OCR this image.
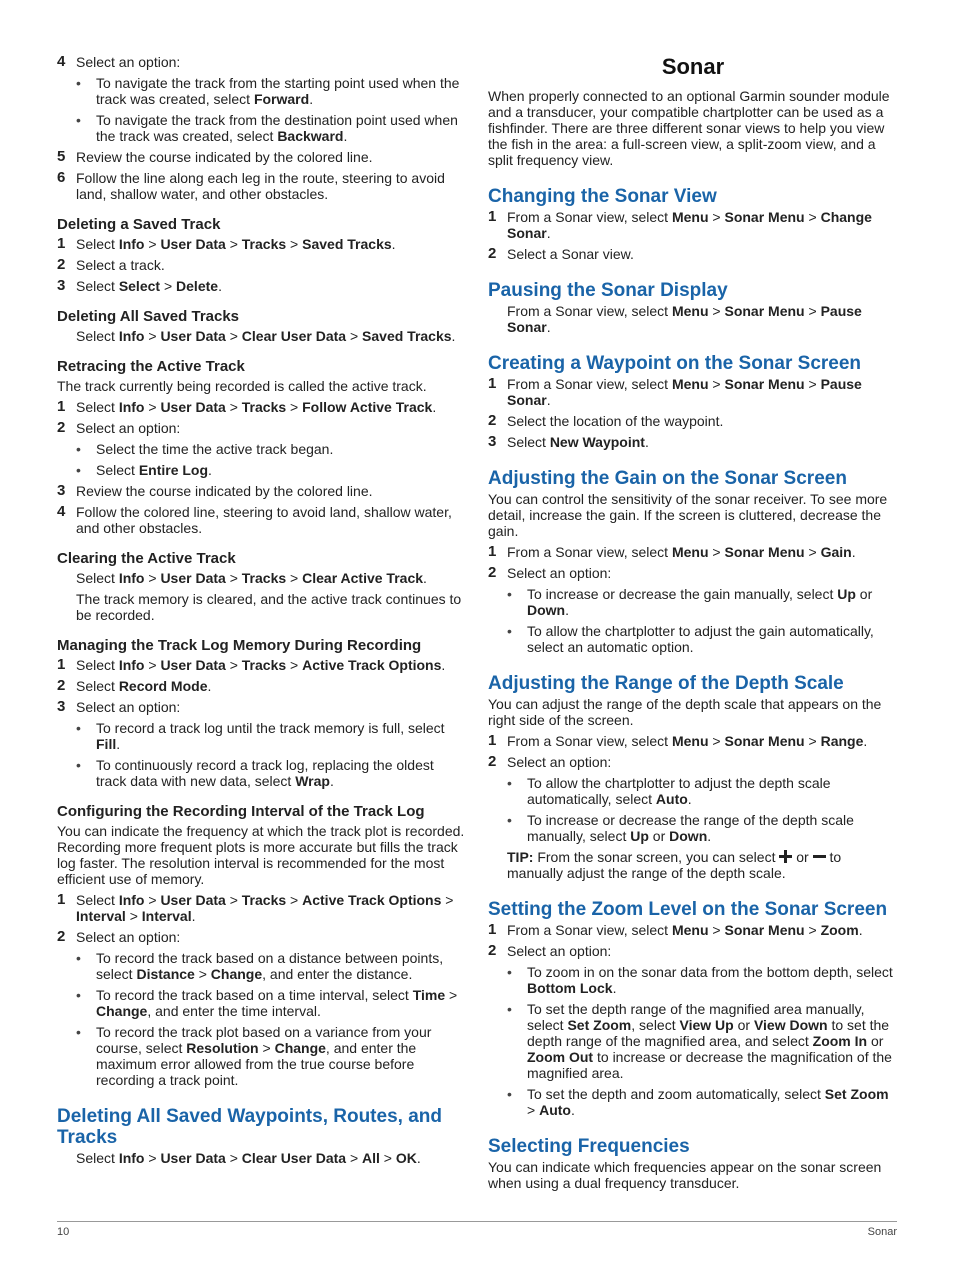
4 Select an option:
• To navigate the track from the starting point used when the track was created, select Forward.
• To navigate the track from the destination point used when the track was created, select Backward.
5 Review the course indicated by the colored line.
6 Follow the line along each leg in the route, steering to avoid land, shallow water, and other obstacles.
Deleting a Saved Track
1 Select Info > User Data > Tracks > Saved Tracks.
2 Select a track.
3 Select Select > Delete.
Deleting All Saved Tracks
Select Info > User Data > Clear User Data > Saved Tracks.
Retracing the Active Track
The track currently being recorded is called the active track.
1 Select Info > User Data > Tracks > Follow Active Track.
2 Select an option:
• Select the time the active track began.
• Select Entire Log.
3 Review the course indicated by the colored line.
4 Follow the colored line, steering to avoid land, shallow water, and other obstacles.
Clearing the Active Track
Select Info > User Data > Tracks > Clear Active Track.
The track memory is cleared, and the active track continues to be recorded.
Managing the Track Log Memory During Recording
1 Select Info > User Data > Tracks > Active Track Options.
2 Select Record Mode.
3 Select an option:
• To record a track log until the track memory is full, select Fill.
• To continuously record a track log, replacing the oldest track data with new data, select Wrap.
Configuring the Recording Interval of the Track Log
You can indicate the frequency at which the track plot is recorded. Recording more frequent plots is more accurate but fills the track log faster. The resolution interval is recommended for the most efficient use of memory.
1 Select Info > User Data > Tracks > Active Track Options > Interval > Interval.
2 Select an option:
• To record the track based on a distance between points, select Distance > Change, and enter the distance.
• To record the track based on a time interval, select Time > Change, and enter the time interval.
• To record the track plot based on a variance from your course, select Resolution > Change, and enter the maximum error allowed from the true course before recording a track point.
Deleting All Saved Waypoints, Routes, and Tracks
Select Info > User Data > Clear User Data > All > OK.
Sonar
When properly connected to an optional Garmin sounder module and a transducer, your compatible chartplotter can be used as a fishfinder. There are three different sonar views to help you view the fish in the area: a full-screen view, a split-zoom view, and a split frequency view.
Changing the Sonar View
1 From a Sonar view, select Menu > Sonar Menu > Change Sonar.
2 Select a Sonar view.
Pausing the Sonar Display
From a Sonar view, select Menu > Sonar Menu > Pause Sonar.
Creating a Waypoint on the Sonar Screen
1 From a Sonar view, select Menu > Sonar Menu > Pause Sonar.
2 Select the location of the waypoint.
3 Select New Waypoint.
Adjusting the Gain on the Sonar Screen
You can control the sensitivity of the sonar receiver. To see more detail, increase the gain. If the screen is cluttered, decrease the gain.
1 From a Sonar view, select Menu > Sonar Menu > Gain.
2 Select an option:
• To increase or decrease the gain manually, select Up or Down.
• To allow the chartplotter to adjust the gain automatically, select an automatic option.
Adjusting the Range of the Depth Scale
You can adjust the range of the depth scale that appears on the right side of the screen.
1 From a Sonar view, select Menu > Sonar Menu > Range.
2 Select an option:
• To allow the chartplotter to adjust the depth scale automatically, select Auto.
• To increase or decrease the range of the depth scale manually, select Up or Down.
TIP: From the sonar screen, you can select  or  to manually adjust the range of the depth scale.
Setting the Zoom Level on the Sonar Screen
1 From a Sonar view, select Menu > Sonar Menu > Zoom.
2 Select an option:
• To zoom in on the sonar data from the bottom depth, select Bottom Lock.
• To set the depth range of the magnified area manually, select Set Zoom, select View Up or View Down to set the depth range of the magnified area, and select Zoom In or Zoom Out to increase or decrease the magnification of the magnified area.
• To set the depth and zoom automatically, select Set Zoom > Auto.
Selecting Frequencies
You can indicate which frequencies appear on the sonar screen when using a dual frequency transducer.
10	Sonar
